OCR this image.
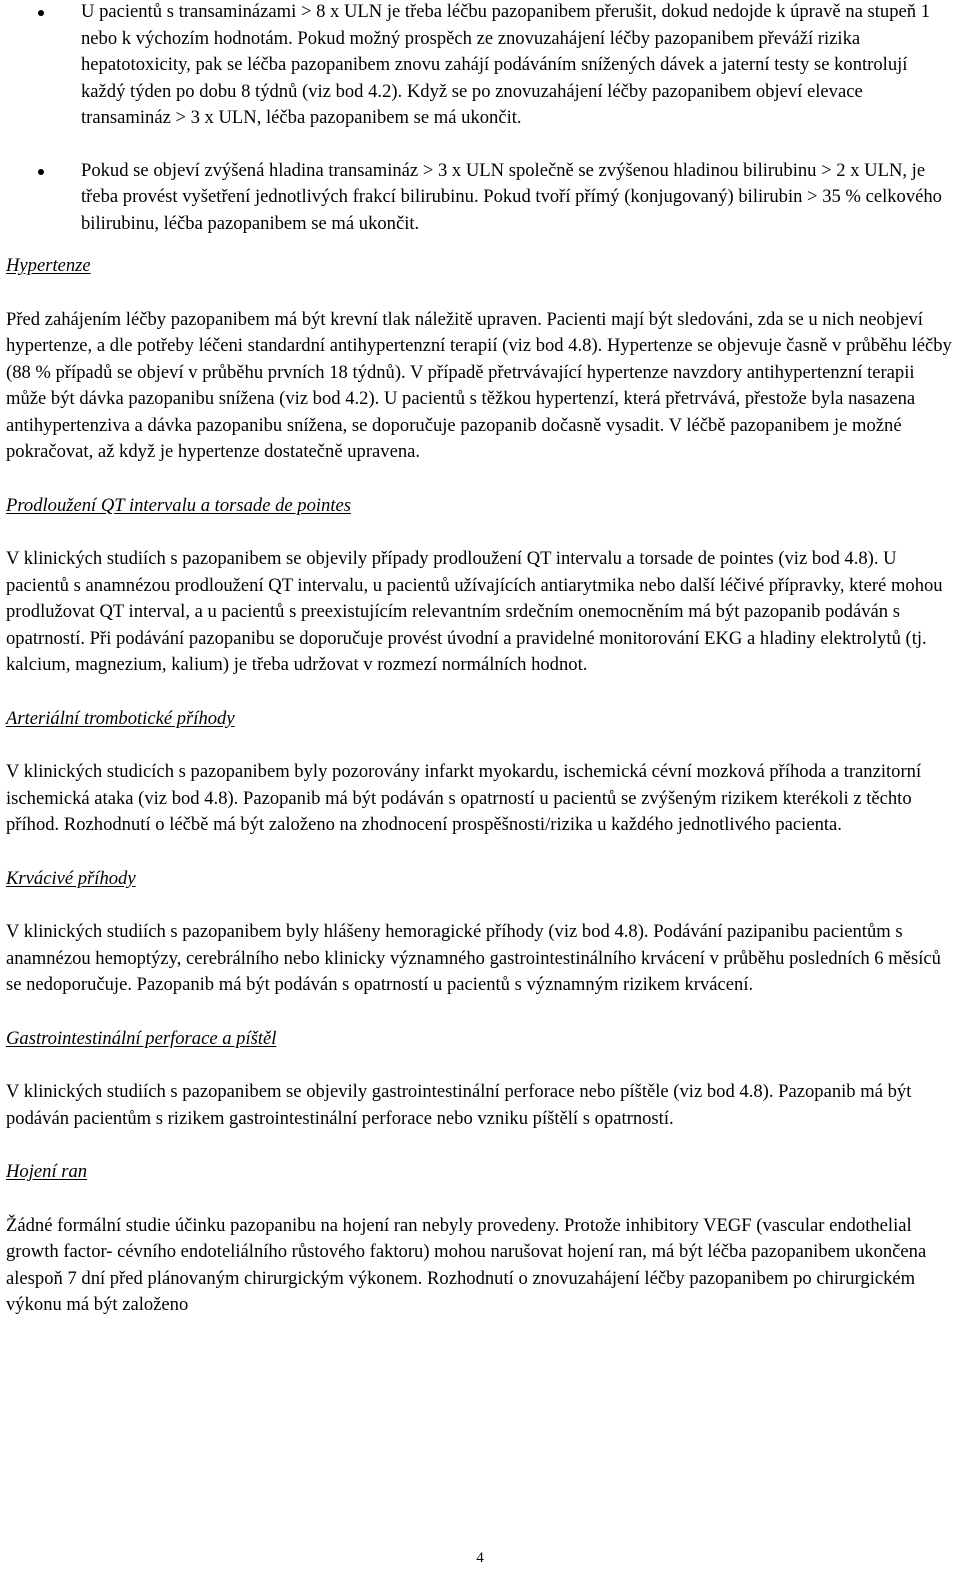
U pacientů s transaminázami > 8 x ULN je třeba léčbu pazopanibem přerušit, dokud nedojde k úpravě na stupeň 1 nebo k výchozím hodnotám. Pokud možný prospěch ze znovuzahájení léčby pazopanibem převáží rizika hepatotoxicity, pak se léčba pazopanibem znovu zahájí podáváním snížených dávek a jaterní testy se kontrolují každý týden po dobu 8 týdnů (viz bod 4.2). Když se po znovuzahájení léčby pazopanibem objeví elevace transamináz > 3 x ULN, léčba pazopanibem se má ukončit.
Pokud se objeví zvýšená hladina transamináz > 3 x ULN společně se zvýšenou hladinou bilirubinu > 2 x ULN, je třeba provést vyšetření jednotlivých frakcí bilirubinu. Pokud tvoří přímý (konjugovaný) bilirubin > 35 % celkového bilirubinu, léčba pazopanibem se má ukončit.
Hypertenze
Před zahájením léčby pazopanibem má být krevní tlak náležitě upraven. Pacienti mají být sledováni, zda se u nich neobjeví hypertenze, a dle potřeby léčeni standardní antihypertenzní terapií (viz bod 4.8). Hypertenze se objevuje časně v průběhu léčby (88 % případů se objeví v průběhu prvních 18 týdnů). V případě přetrvávající hypertenze navzdory antihypertenzní terapii může být dávka pazopanibu snížena (viz bod 4.2). U pacientů s těžkou hypertenzí, která přetrvává, přestože byla nasazena antihypertenziva a dávka pazopanibu snížena, se doporučuje pazopanib dočasně vysadit. V léčbě pazopanibem je možné pokračovat, až když je hypertenze dostatečně upravena.
Prodloužení QT intervalu a torsade de pointes
V klinických studiích s pazopanibem se objevily případy prodloužení QT intervalu a torsade de pointes (viz bod 4.8). U pacientů s anamnézou prodloužení QT intervalu, u pacientů užívajících antiarytmika nebo další léčivé přípravky, které mohou prodlužovat QT interval, a u pacientů s preexistujícím relevantním srdečním onemocněním má být pazopanib podáván s opatrností. Při podávání pazopanibu se doporučuje provést úvodní a pravidelné monitorování EKG a hladiny elektrolytů (tj. kalcium, magnezium, kalium) je třeba udržovat v rozmezí normálních hodnot.
Arteriální trombotické příhody
V klinických studicích s pazopanibem byly pozorovány infarkt myokardu, ischemická cévní mozková příhoda a tranzitorní ischemická ataka (viz bod 4.8). Pazopanib má být podáván s opatrností u pacientů se zvýšeným rizikem kterékoli z těchto příhod. Rozhodnutí o léčbě má být založeno na zhodnocení prospěšnosti/rizika u každého jednotlivého pacienta.
Krvácivé příhody
V klinických studiích s pazopanibem byly hlášeny hemoragické příhody (viz bod 4.8). Podávání pazipanibu pacientům s anamnézou hemoptýzy, cerebrálního nebo klinicky významného gastrointestinálního krvácení v průběhu posledních 6 měsíců se nedoporučuje. Pazopanib má být podáván s opatrností u pacientů s významným rizikem krvácení.
Gastrointestinální perforace a píštěl
V klinických studiích s pazopanibem se objevily gastrointestinální perforace nebo píštěle (viz bod 4.8). Pazopanib má být podáván pacientům s rizikem gastrointestinální perforace nebo vzniku píštělí s opatrností.
Hojení ran
Žádné formální studie účinku pazopanibu na hojení ran nebyly provedeny. Protože inhibitory VEGF (vascular endothelial growth factor- cévního endoteliálního růstového faktoru) mohou narušovat hojení ran, má být léčba pazopanibem ukončena alespoň 7 dní před plánovaným chirurgickým výkonem. Rozhodnutí o znovuzahájení léčby pazopanibem po chirurgickém výkonu má být založeno
4
